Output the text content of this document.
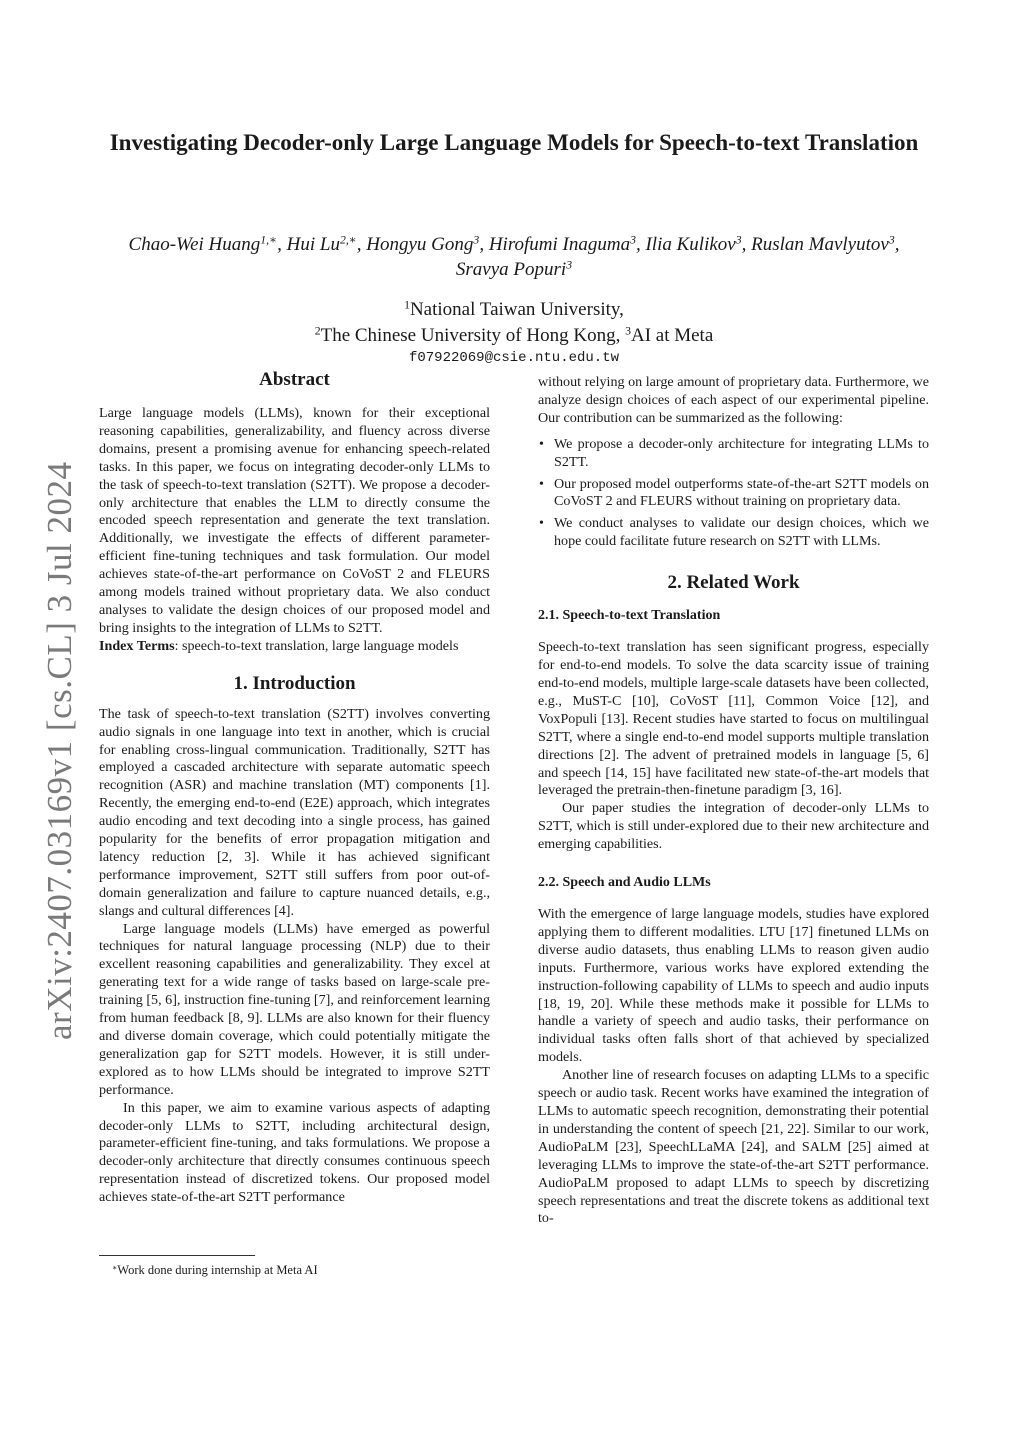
arXiv:2407.03169v1 [cs.CL] 3 Jul 2024
Investigating Decoder-only Large Language Models for Speech-to-text Translation
Chao-Wei Huang$^{1,∗}$, Hui $Lu^{2,∗}$, Hongyu Gong$^3$, Hirofumi Inaguma$^3$, Ilia Kulikov$^3$, Ruslan Mavlyutov$^3$, Sravya Popuri$^3$
$^1$National Taiwan University,
$^2$The Chinese University of Hong Kong, $^3$AI at Meta
f07922069@csie.ntu.edu.tw
Abstract

Large language models (LLMs), known for their exceptional reasoning capabilities, generalizability, and fluency across diverse domains, present a promising avenue for enhancing speech-related tasks. In this paper, we focus on integrating decoder-only LLMs to the task of speech-to-text translation (S2TT). We propose a decoder-only architecture that enables the LLM to directly consume the encoded speech representation and generate the text translation. Additionally, we investigate the effects of different parameter-efficient fine-tuning techniques and task formulation. Our model achieves state-of-the-art performance on CoVoST 2 and FLEURS among models trained without proprietary data. We also conduct analyses to validate the design choices of our proposed model and bring insights to the integration of LLMs to S2TT.

Index Terms: speech-to-text translation, large language models

1. Introduction

The task of speech-to-text translation (S2TT) involves converting audio signals in one language into text in another, which is crucial for enabling cross-lingual communication. Traditionally, S2TT has employed a cascaded architecture with separate automatic speech recognition (ASR) and machine translation (MT) components [1]. Recently, the emerging end-to-end (E2E) approach, which integrates audio encoding and text decoding into a single process, has gained popularity for the benefits of error propagation mitigation and latency reduction [2, 3]. While it has achieved significant performance improvement, S2TT still suffers from poor out-of-domain generalization and failure to capture nuanced details, e.g., slangs and cultural differences [4].

Large language models (LLMs) have emerged as powerful techniques for natural language processing (NLP) due to their excellent reasoning capabilities and generalizability. They excel at generating text for a wide range of tasks based on large-scale pre-training [5, 6], instruction fine-tuning [7], and reinforcement learning from human feedback [8, 9]. LLMs are also known for their fluency and diverse domain coverage, which could potentially mitigate the generalization gap for S2TT models. However, it is still under-explored as to how LLMs should be integrated to improve S2TT performance.

In this paper, we aim to examine various aspects of adapting decoder-only LLMs to S2TT, including architectural design, parameter-efficient fine-tuning, and taks formulations. We propose a decoder-only architecture that directly consumes continuous speech representation instead of discretized tokens. Our proposed model achieves state-of-the-art S2TT performance

without relying on large amount of proprietary data. Furthermore, we analyze design choices of each aspect of our experimental pipeline. Our contribution can be summarized as the following:

• We propose a decoder-only architecture for integrating LLMs to S2TT.
• Our proposed model outperforms state-of-the-art S2TT models on CoVoST 2 and FLEURS without training on proprietary data.
• We conduct analyses to validate our design choices, which we hope could facilitate future research on S2TT with LLMs.
2. Related Work
2.1. Speech-to-text Translation

Speech-to-text translation has seen significant progress, especially for end-to-end models. To solve the data scarcity issue of training end-to-end models, multiple large-scale datasets have been collected, e.g., MuST-C [10], CoVoST [11], Common Voice [12], and VoxPopuli [13]. Recent studies have started to focus on multilingual S2TT, where a single end-to-end model supports multiple translation directions [2]. The advent of pretrained models in language [5, 6] and speech [14, 15] have facilitated new state-of-the-art models that leveraged the pretrain-then-finetune paradigm [3, 16].

Our paper studies the integration of decoder-only LLMs to S2TT, which is still under-explored due to their new architecture and emerging capabilities.

2.2. Speech and Audio LLMs

With the emergence of large language models, studies have explored applying them to different modalities. LTU [17] finetuned LLMs on diverse audio datasets, thus enabling LLMs to reason given audio inputs. Furthermore, various works have explored extending the instruction-following capability of LLMs to speech and audio inputs [18, 19, 20]. While these methods make it possible for LLMs to handle a variety of speech and audio tasks, their performance on individual tasks often falls short of that achieved by specialized models.

Another line of research focuses on adapting LLMs to a specific speech or audio task. Recent works have examined the integration of LLMs to automatic speech recognition, demonstrating their potential in understanding the content of speech [21, 22]. Similar to our work, AudioPaLM [23], SpeechLLaMA [24], and SALM [25] aimed at leveraging LLMs to improve the state-of-the-art S2TT performance. AudioPaLM proposed to adapt LLMs to speech by discretizing speech representations and treat the discrete tokens as additional text to-

∗Work done during internship at Meta AI
